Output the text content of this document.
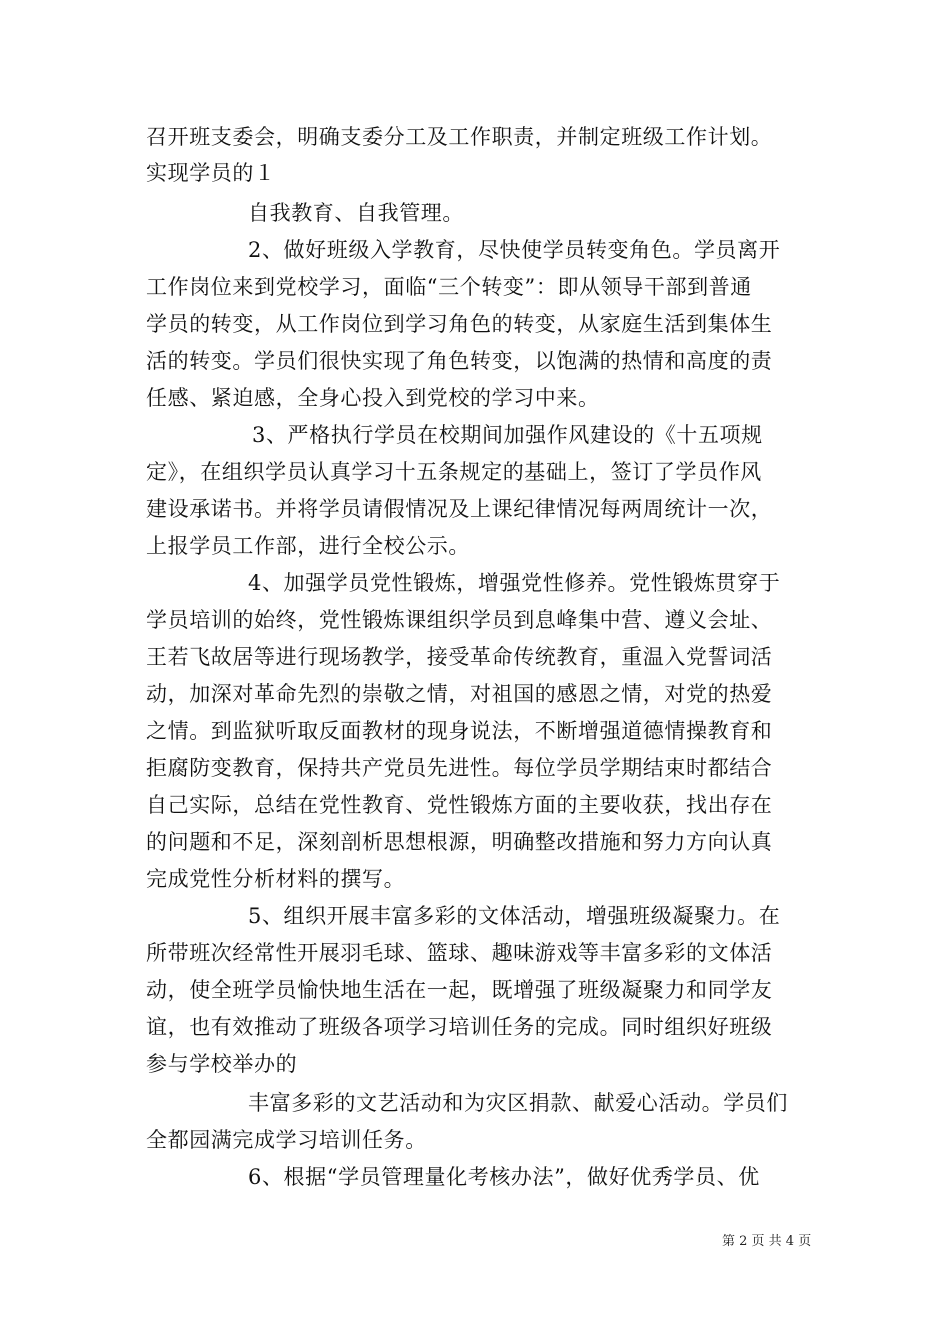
召开班支委会，明确支委分工及工作职责，并制定班级工作计划。
实现学员的１
自我教育、自我管理。
2、做好班级入学教育，尽快使学员转变角色。学员离开
工作岗位来到党校学习，面临“三个转变”：即从领导干部到普通
学员的转变，从工作岗位到学习角色的转变，从家庭生活到集体生
活的转变。学员们很快实现了角色转变，以饱满的热情和高度的责
任感、紧迫感，全身心投入到党校的学习中来。
3、严格执行学员在校期间加强作风建设的《十五项规
定》，在组织学员认真学习十五条规定的基础上，签订了学员作风
建设承诺书。并将学员请假情况及上课纪律情况每两周统计一次，
上报学员工作部，进行全校公示。
4、加强学员党性锻炼，增强党性修养。党性锻炼贯穿于
学员培训的始终，党性锻炼课组织学员到息峰集中营、遵义会址、
王若飞故居等进行现场教学，接受革命传统教育，重温入党誓词活
动，加深对革命先烈的崇敬之情，对祖国的感恩之情，对党的热爱
之情。到监狱听取反面教材的现身说法，不断增强道德情操教育和
拒腐防变教育，保持共产党员先进性。每位学员学期结束时都结合
自己实际，总结在党性教育、党性锻炼方面的主要收获，找出存在
的问题和不足，深刻剖析思想根源，明确整改措施和努力方向认真
完成党性分析材料的撰写。
5、组织开展丰富多彩的文体活动，增强班级凝聚力。在
所带班次经常性开展羽毛球、篮球、趣味游戏等丰富多彩的文体活
动，使全班学员愉快地生活在一起，既增强了班级凝聚力和同学友
谊，也有效推动了班级各项学习培训任务的完成。同时组织好班级
参与学校举办的
丰富多彩的文艺活动和为灾区捐款、献爱心活动。学员们
全都园满完成学习培训任务。
6、根据“学员管理量化考核办法”，做好优秀学员、优
第 2 页 共 4 页
